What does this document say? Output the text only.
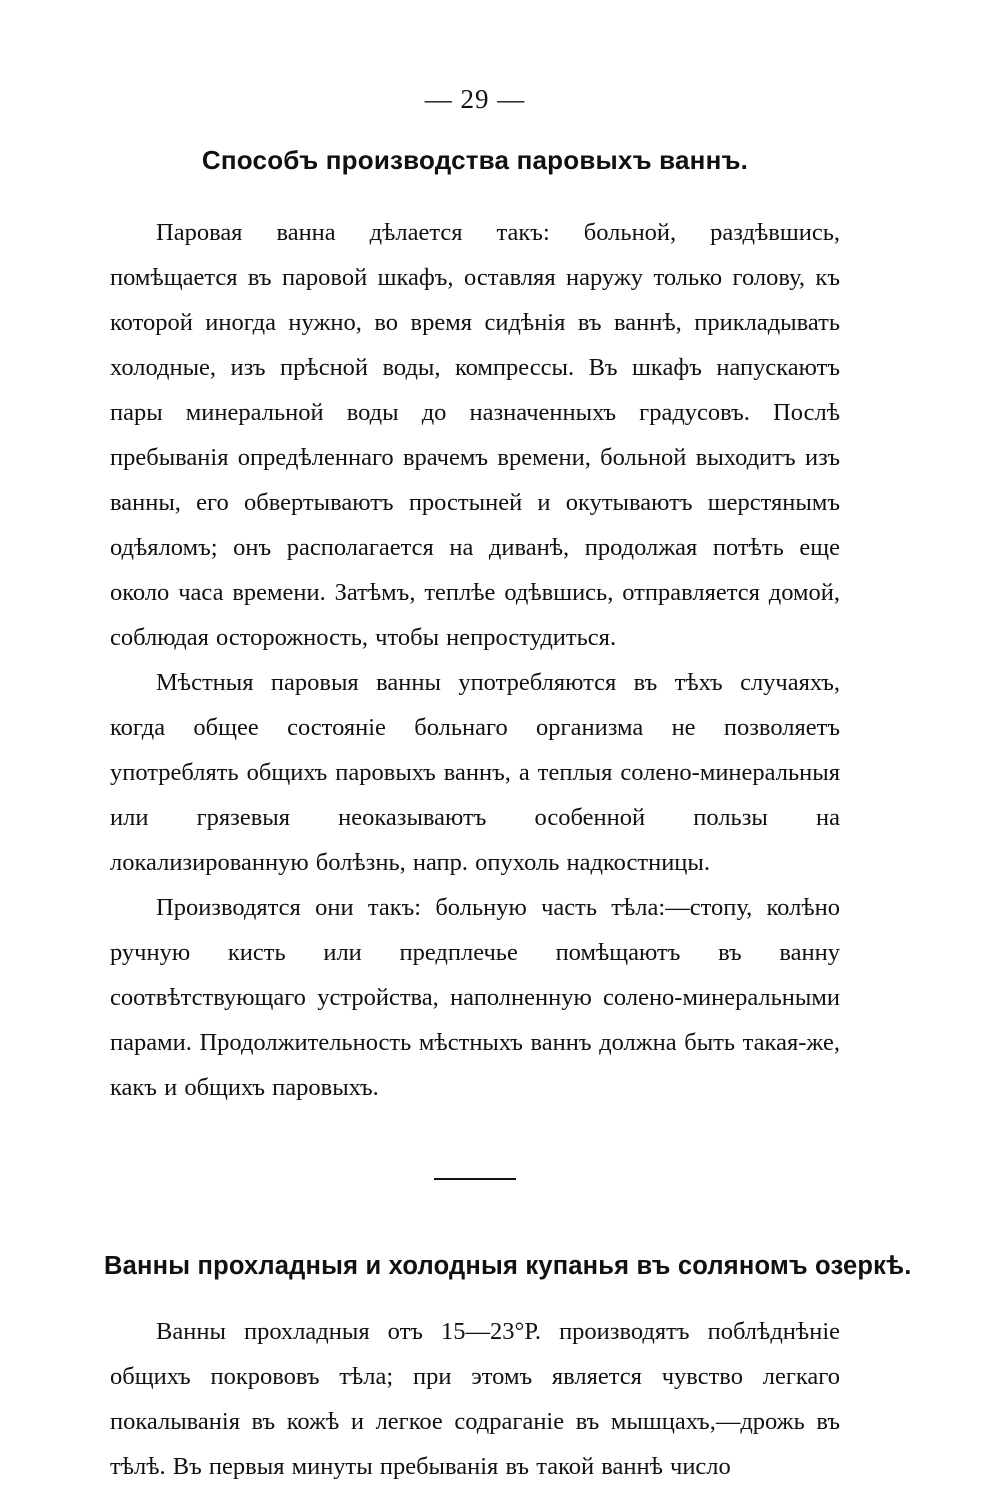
— 29 —
Способъ производства паровыхъ ваннъ.

Паровая ванна дѣлается такъ: больной, раздѣвшись, помѣщается въ паровой шкафъ, оставляя наружу только голову, къ которой иногда нужно, во время сидѣнія въ ваннѣ, прикладывать холодные, изъ прѣсной воды, компрессы. Въ шкафъ напускаютъ пары минеральной воды до назначенныхъ градусовъ. Послѣ пребыванія опредѣленнаго врачемъ времени, больной выходитъ изъ ванны, его обвертываютъ простыней и окутываютъ шерстянымъ одѣяломъ; онъ располагается на диванѣ, продолжая потѣть еще около часа времени. Затѣмъ, теплѣе одѣвшись, отправляется домой, соблюдая осторожность, чтобы непростудиться.

Мѣстныя паровыя ванны употребляются въ тѣхъ случаяхъ, когда общее состояніе больнаго организма не позволяетъ употреблять общихъ паровыхъ ваннъ, а теплыя солено-минеральныя или грязевыя неоказываютъ особенной пользы на локализированную болѣзнь, напр. опухоль надкостницы.

Производятся они такъ: больную часть тѣла:—стопу, колѣно ручную кисть или предплечье помѣщаютъ въ ванну соотвѣтствующаго устройства, наполненную солено-минеральными парами. Продолжительность мѣстныхъ ваннъ должна быть такая-же, какъ и общихъ паровыхъ.

Ванны прохладныя и холодныя купанья въ соляномъ озеркѣ.

Ванны прохладныя отъ 15—23°Р. производятъ поблѣднѣніе общихъ покрововъ тѣла; при этомъ является чувство легкаго покалыванія въ кожѣ и легкое содраганіе въ мышцахъ,—дрожь въ тѣлѣ. Въ первыя минуты пребыванія въ такой ваннѣ число
